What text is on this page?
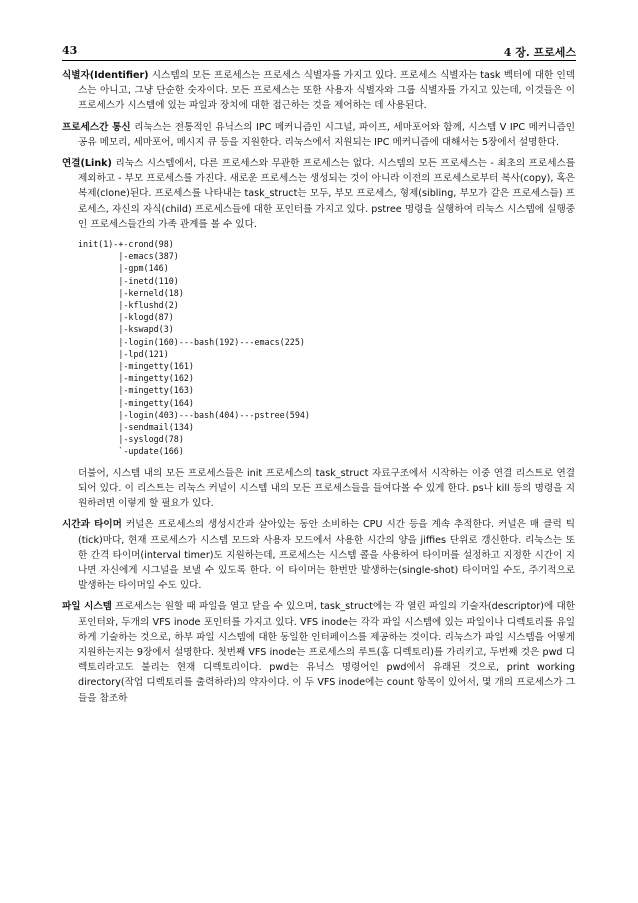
43	4 장. 프로세스

식별자(Identifier) 시스템의 모든 프로세스는 프로세스 식별자를 가지고 있다. 프로세스 식별자는 task 벡터에 대한 인덱스는 아니고, 그냥 단순한 숫자이다. 모든 프로세스는 또한 사용자 식별자와 그룹 식별자를 가지고 있는데, 이것들은 이 프로세스가 시스템에 있는 파일과 장치에 대한 접근하는 것을 제어하는 데 사용된다.

프로세스간 통신 리눅스는 전통적인 유닉스의 IPC 메커니즘인 시그널, 파이프, 세마포어와 함께, 시스템 V IPC 메커니즘인 공유 메모리, 세마포어, 메시지 큐 등을 지원한다. 리눅스에서 지원되는 IPC 메커니즘에 대해서는 5장에서 설명한다.

연결(Link) 리눅스 시스템에서, 다른 프로세스와 무관한 프로세스는 없다. 시스템의 모든 프로세스는 - 최초의 프로세스를 제외하고 - 부모 프로세스를 가진다. 새로운 프로세스는 생성되는 것이 아니라 이전의 프로세스로부터 복사(copy), 혹은 복제(clone)된다. 프로세스를 나타내는 task_struct는 모두, 부모 프로세스, 형제(sibling, 부모가 같은 프로세스들) 프로세스, 자신의 자식(child) 프로세스들에 대한 포인터를 가지고 있다. pstree 명령을 실행하여 리눅스 시스템에 실행중인 프로세스들간의 가족 관계를 볼 수 있다.

init(1)-+-crond(98)
|-emacs(387)
|-gpm(146)
|-inetd(110)
|-kerneld(18)
|-kflushd(2)
|-klogd(87)
|-kswapd(3)
|-login(160)---bash(192)---emacs(225)
|-lpd(121)
|-mingetty(161)
|-mingetty(162)
|-mingetty(163)
|-mingetty(164)
|-login(403)---bash(404)---pstree(594)
|-sendmail(134)
|-syslogd(78)
`-update(166)

더불어, 시스템 내의 모든 프로세스들은 init 프로세스의 task_struct 자료구조에서 시작하는 이중 연결 리스트로 연결되어 있다. 이 리스트는 리눅스 커널이 시스템 내의 모든 프로세스들을 들여다볼 수 있게 한다. ps나 kill 등의 명령을 지원하려면 이렇게 할 필요가 있다.

시간과 타이머 커널은 프로세스의 생성시간과 살아있는 동안 소비하는 CPU 시간 등을 계속 추적한다. 커널은 매 클럭 틱(tick)마다, 현재 프로세스가 시스템 모드와 사용자 모드에서 사용한 시간의 양을 jiffies 단위로 갱신한다. 리눅스는 또한 간격 타이머(interval timer)도 지원하는데, 프로세스는 시스템 콜을 사용하여 타이머를 설정하고 지정한 시간이 지나면 자신에게 시그널을 보낼 수 있도록 한다. 이 타이머는 한번만 발생하는(single-shot) 타이머일 수도, 주기적으로 발생하는 타이머일 수도 있다.

파일 시스템 프로세스는 원할 때 파일을 열고 닫을 수 있으며, task_struct에는 각 열린 파일의 기술자(descriptor)에 대한 포인터와, 두개의 VFS inode 포인터를 가지고 있다. VFS inode는 각각 파일 시스템에 있는 파일이나 디렉토리를 유일하게 기술하는 것으로, 하부 파일 시스템에 대한 동일한 인터페이스를 제공하는 것이다. 리눅스가 파일 시스템을 어떻게 지원하는지는 9장에서 설명한다. 첫번째 VFS inode는 프로세스의 루트(홈 디렉토리)를 가리키고, 두번째 것은 pwd 디렉토리라고도 불리는 현재 디렉토리이다. pwd는 유닉스 명령어인 pwd에서 유래된 것으로, print working directory(작업 디렉토리를 출력하라)의 약자이다. 이 두 VFS inode에는 count 항목이 있어서, 몇 개의 프로세스가 그들을 참조하
